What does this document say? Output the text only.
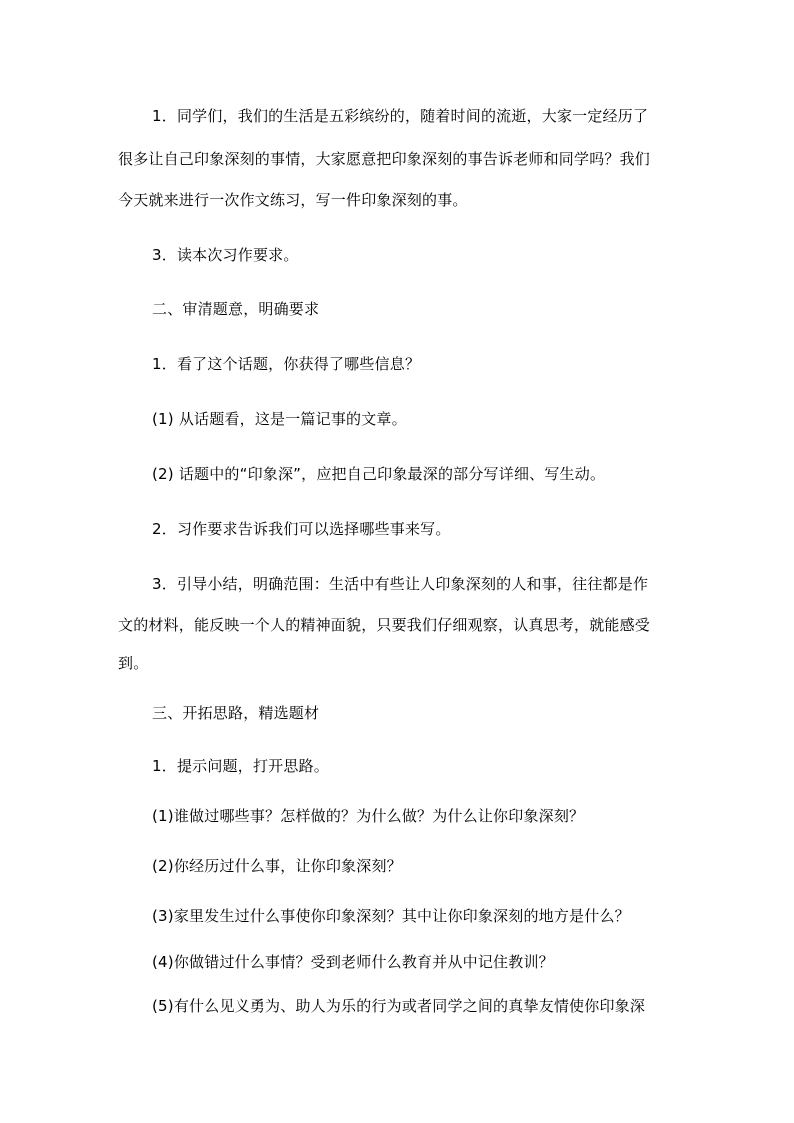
1．同学们，我们的生活是五彩缤纷的，随着时间的流逝，大家一定经历了
很多让自己印象深刻的事情，大家愿意把印象深刻的事告诉老师和同学吗？我们
今天就来进行一次作文练习，写一件印象深刻的事。
3．读本次习作要求。
二、审清题意，明确要求
1．看了这个话题，你获得了哪些信息？
(1) 从话题看，这是一篇记事的文章。
(2) 话题中的“印象深”，应把自己印象最深的部分写详细、写生动。
2．习作要求告诉我们可以选择哪些事来写。
3．引导小结，明确范围：生活中有些让人印象深刻的人和事，往往都是作
文的材料，能反映一个人的精神面貌，只要我们仔细观察，认真思考，就能感受
到。
三、开拓思路，精选题材
1．提示问题，打开思路。
(1)谁做过哪些事？怎样做的？为什么做？为什么让你印象深刻？
(2)你经历过什么事，让你印象深刻？
(3)家里发生过什么事使你印象深刻？其中让你印象深刻的地方是什么？
(4)你做错过什么事情？受到老师什么教育并从中记住教训？
(5)有什么见义勇为、助人为乐的行为或者同学之间的真挚友情使你印象深
